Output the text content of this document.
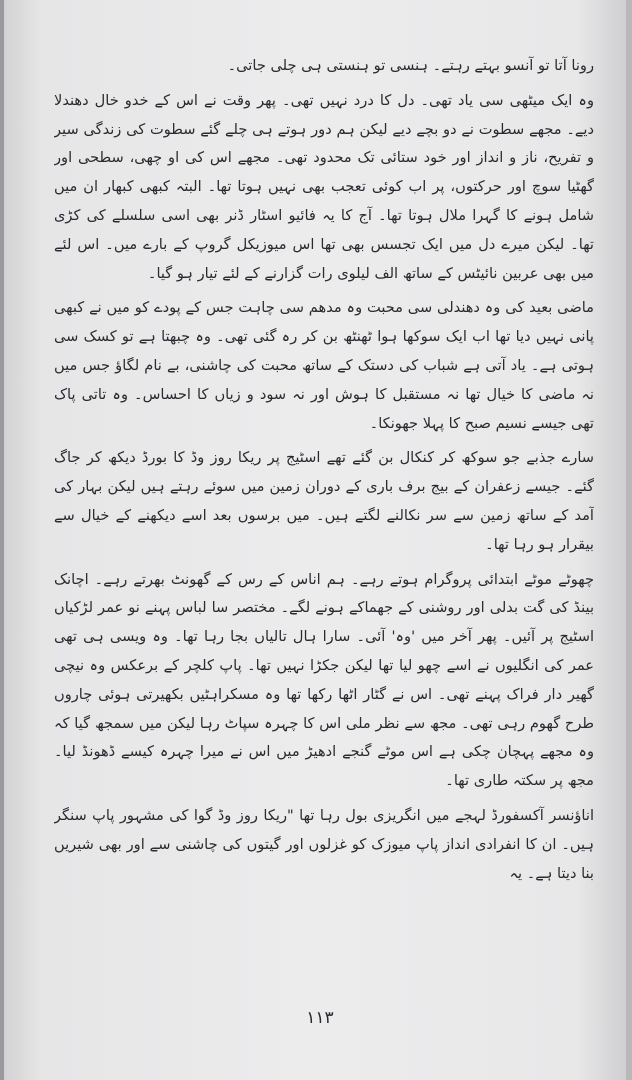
رونا آتا تو آنسو بہتے رہتے۔ ہنسی تو ہنستی ہی چلی جاتی۔

وہ ایک میٹھی سی یاد تھی۔ دل کا درد نہیں تھی۔ پھر وقت نے اس کے خدو خال دھندلا دیے۔ مجھے سطوت نے دو بچے دیے لیکن ہم دور ہوتے ہی چلے گئے سطوت کی زندگی سیر و تفریح، ناز و انداز اور خود ستائی تک محدود تھی۔ مجھے اس کی او چھی، سطحی اور گھٹیا سوچ اور حرکتوں، پر اب کوئی تعجب بھی نہیں ہوتا تھا۔ البتہ کبھی کبھار ان میں شامل ہونے کا گہرا ملال ہوتا تھا۔ آج کا یہ فائیو اسٹار ڈنر بھی اسی سلسلے کی کڑی تھا۔ لیکن میرے دل میں ایک تجسس بھی تھا اس میوزیکل گروپ کے بارے میں۔ اس لئے میں بھی عربین نائیٹس کے ساتھ الف لیلوی رات گزارنے کے لئے تیار ہو گیا۔

ماضی بعید کی وہ دھندلی سی محبت وہ مدھم سی چاہت جس کے پودے کو میں نے کبھی پانی نہیں دیا تھا اب ایک سوکھا ہوا ٹھنٹھ بن کر رہ گئی تھی۔ وہ چبھتا ہے تو کسک سی ہوتی ہے۔ یاد آتی ہے شباب کی دستک کے ساتھ محبت کی چاشنی، بے نام لگاؤ جس میں نہ ماضی کا خیال تھا نہ مستقبل کا ہوش اور نہ سود و زیاں کا احساس۔ وہ تاتی پاک تھی جیسے نسیم صبح کا پہلا جھونکا۔

سارے جذبے جو سوکھ کر کنکال بن گئے تھے اسٹیج پر ریکا روز وڈ کا بورڈ دیکھ کر جاگ گئے۔ جیسے زعفران کے بیج برف باری کے دوران زمین میں سوئے رہتے ہیں لیکن بہار کی آمد کے ساتھ زمین سے سر نکالنے لگتے ہیں۔ میں برسوں بعد اسے دیکھنے کے خیال سے بیقرار ہو رہا تھا۔

چھوٹے موٹے ابتدائی پروگرام ہوتے رہے۔ ہم اناس کے رس کے گھونٹ بھرتے رہے۔ اچانک بینڈ کی گت بدلی اور روشنی کے جھماکے ہونے لگے۔ مختصر سا لباس پہنے نو عمر لڑکیاں اسٹیج پر آئیں۔ پھر آخر میں 'وہ' آئی۔ سارا ہال تالیاں بجا رہا تھا۔ وہ ویسی ہی تھی عمر کی انگلیوں نے اسے چھو لیا تھا لیکن جکڑا نہیں تھا۔ پاپ کلچر کے برعکس وہ نیچی گھیر دار فراک پہنے تھی۔ اس نے گٹار اٹھا رکھا تھا وہ مسکراہٹیں بکھیرتی ہوئی چاروں طرح گھوم رہی تھی۔ مجھ سے نظر ملی اس کا چہرہ سپاٹ رہا لیکن میں سمجھ گیا کہ وہ مجھے پہچان چکی ہے اس موٹے گنجے ادھیڑ میں اس نے میرا چہرہ کیسے ڈھونڈ لیا۔ مجھ پر سکتہ طاری تھا۔

اناؤنسر آکسفورڈ لہجے میں انگریزی بول رہا تھا "ریکا روز وڈ گوا کی مشہور پاپ سنگر ہیں۔ ان کا انفرادی انداز پاپ میوزک کو غزلوں اور گیتوں کی چاشنی سے اور بھی شیریں بنا دیتا ہے۔ یہ

۱۱۳
